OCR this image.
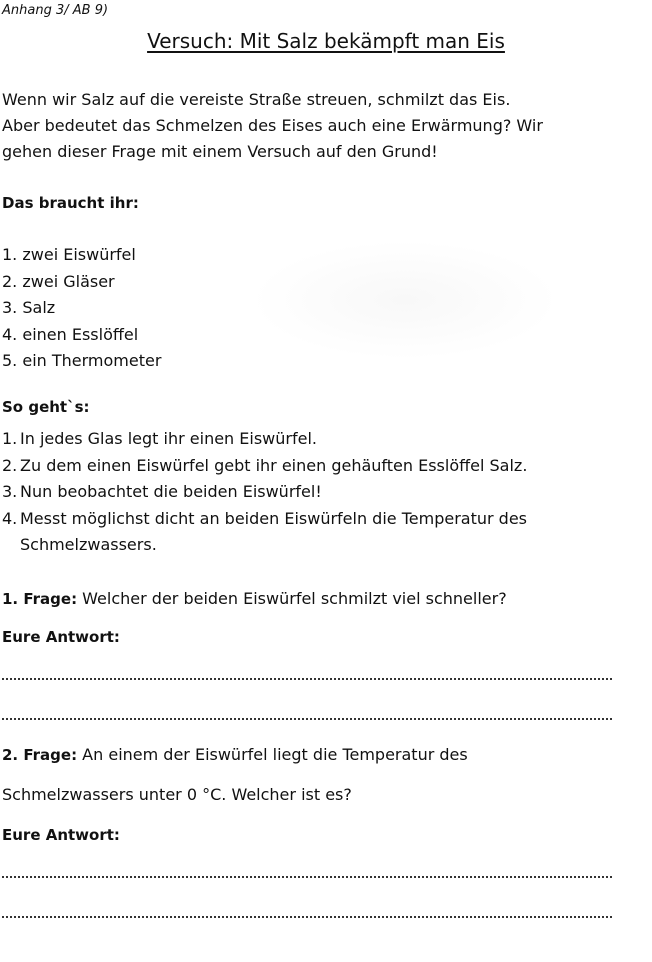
Anhang 3/ AB 9)
Versuch: Mit Salz bekämpft man Eis
Wenn wir Salz auf die vereiste Straße streuen, schmilzt das Eis.
Aber bedeutet das Schmelzen des Eises auch eine Erwärmung? Wir
gehen dieser Frage mit einem Versuch auf den Grund!
Das braucht ihr:
1.
zwei Eiswürfel
2.
zwei Gläser
3.
Salz
4.
einen Esslöffel
5.
ein Thermometer
So geht`s:
1. In jedes Glas legt ihr einen Eiswürfel.
2. Zu dem einen Eiswürfel gebt ihr einen gehäuften Esslöffel Salz.
3. Nun beobachtet die beiden Eiswürfel!
4. Messt möglichst dicht an beiden Eiswürfeln die Temperatur des Schmelzwassers.
1. Frage: Welcher der beiden Eiswürfel schmilzt viel schneller?
Eure Antwort:
2. Frage: An einem der Eiswürfel liegt die Temperatur des
Schmelzwassers unter 0 °C. Welcher ist es?
Eure Antwort:
